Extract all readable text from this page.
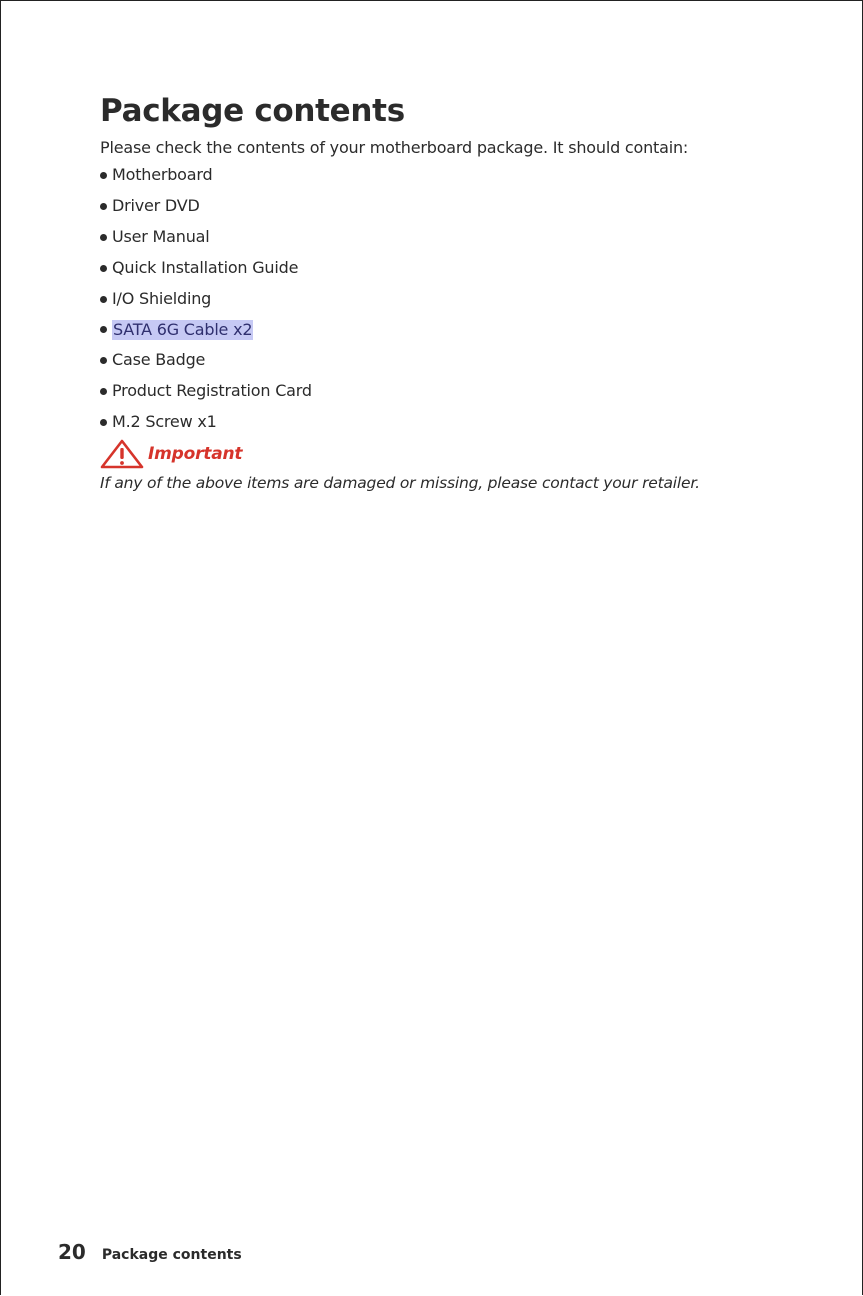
Package contents

Please check the contents of your motherboard package. It should contain:

Motherboard
Driver DVD
User Manual
Quick Installation Guide
I/O Shielding
SATA 6G Cable x2
Case Badge
Product Registration Card
M.2 Screw x1
Important

If any of the above items are damaged or missing, please contact your retailer.

20 Package contents
